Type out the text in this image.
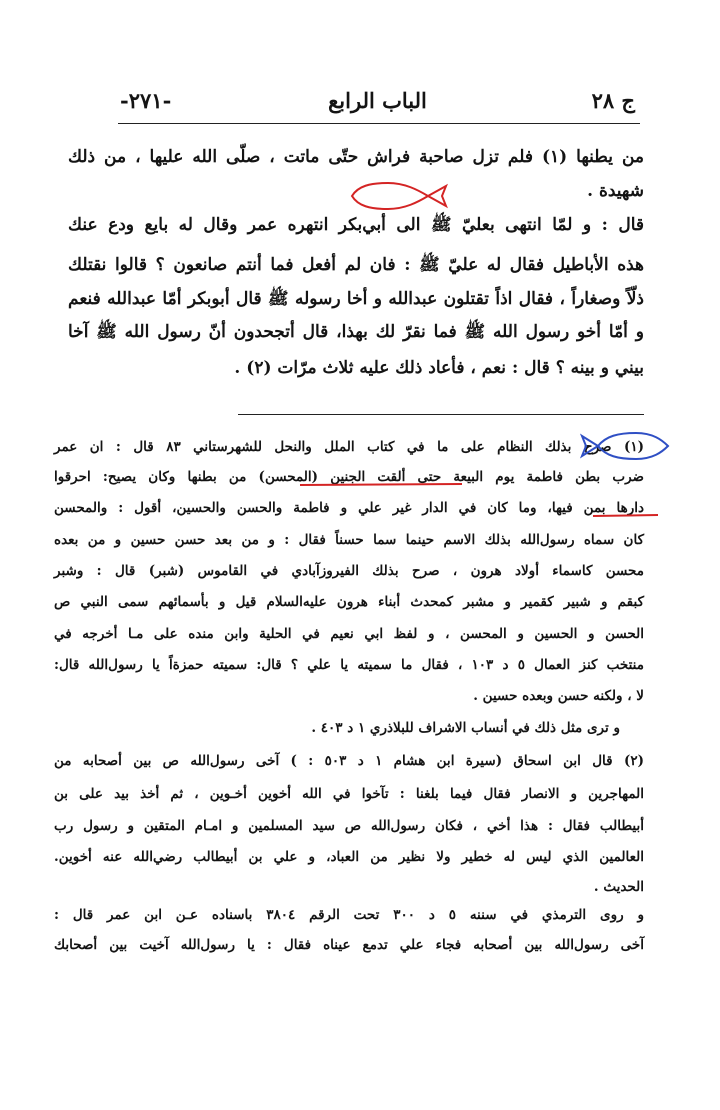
ج ٢٨
الباب الرابع
-٢٧١-
من يطنها (١) فلم تزل صاحبة فراش حتّى ماتت ، صلّى الله عليها ، من ذلك
شهيدة .
قال : و لمّا انتهى بعليّ ﷺ الى أبي‌بكر انتهره عمر وقال له بايع ودع عنك
هذه الأباطيل فقال له عليّ ﷺ : فان لم أفعل فما أنتم صانعون ؟ قالوا نقتلك
ذلّاً وصغاراً ، فقال اذاً تقتلون عبدالله و أخا رسوله ﷺ قال أبوبكر أمّا عبدالله فنعم
و أمّا أخو رسول الله ﷺ فما نقرّ لك بهذا، قال أتجحدون أنّ رسول الله ﷺ آخا
بيني و بينه ؟ قال : نعم ، فأعاد ذلك عليه ثلاث مرّات (٢) .
(١) صرح بذلك النظام على ما في كتاب الملل والنحل للشهرستاني ٨٣ قال : ان عمر
ضرب بطن فاطمة يوم البيعة حتى ألقت الجنين (المحسن) من بطنها وكان يصيح: احرقوا
دارها بمن فيها، وما كان في الدار غير علي و فاطمة والحسن والحسين، أقول : والمحسن
كان سماه رسول‌الله بذلك الاسم حينما سما حسناً فقال : و من بعد حسن حسين و من بعده
محسن كاسماء أولاد هرون ، صرح بذلك الفيروزآبادي في القاموس (شبر) قال : وشبر
كبقم و شبير كقمير و مشبر كمحدث أبناء هرون عليه‌السلام قيل و بأسمائهم سمى النبي ص
الحسن و الحسين و المحسن ، و لفظ ابي نعيم في الحلية وابن منده على مـا أخرجه في
منتخب كنز العمال ٥ د ١٠٣ ، فقال ما سميته يا علي ؟ قال: سميته حمزةاً يا رسول‌الله قال:
لا ، ولكنه حسن وبعده حسين .
و ترى مثل ذلك في أنساب الاشراف للبلاذري ١ د ٤٠٣ .
(٢) قال ابن اسحاق (سيرة ابن هشام ١ د ٥٠٣ : ) آخى رسول‌الله ص بين أصحابه من
المهاجرين و الانصار فقال فيما بلغنا : تآخوا في الله أخوين أخـوين ، ثم أخذ بيد على بن
أبيطالب فقال : هذا أخي ، فكان رسول‌الله ص سيد المسلمين و امـام المتقين و رسول رب
العالمين الذي ليس له خطير ولا نظير من العباد، و علي بن أبيطالب رضي‌الله عنه أخوين.
الحديث .
و روى الترمذي في سننه ٥ د ٣٠٠ تحت الرقم ٣٨٠٤ باسناده عـن ابن عمر قال :
آخى رسول‌الله بين أصحابه فجاء علي تدمع عيناه فقال : يا رسول‌الله آخيت بين أصحابك
